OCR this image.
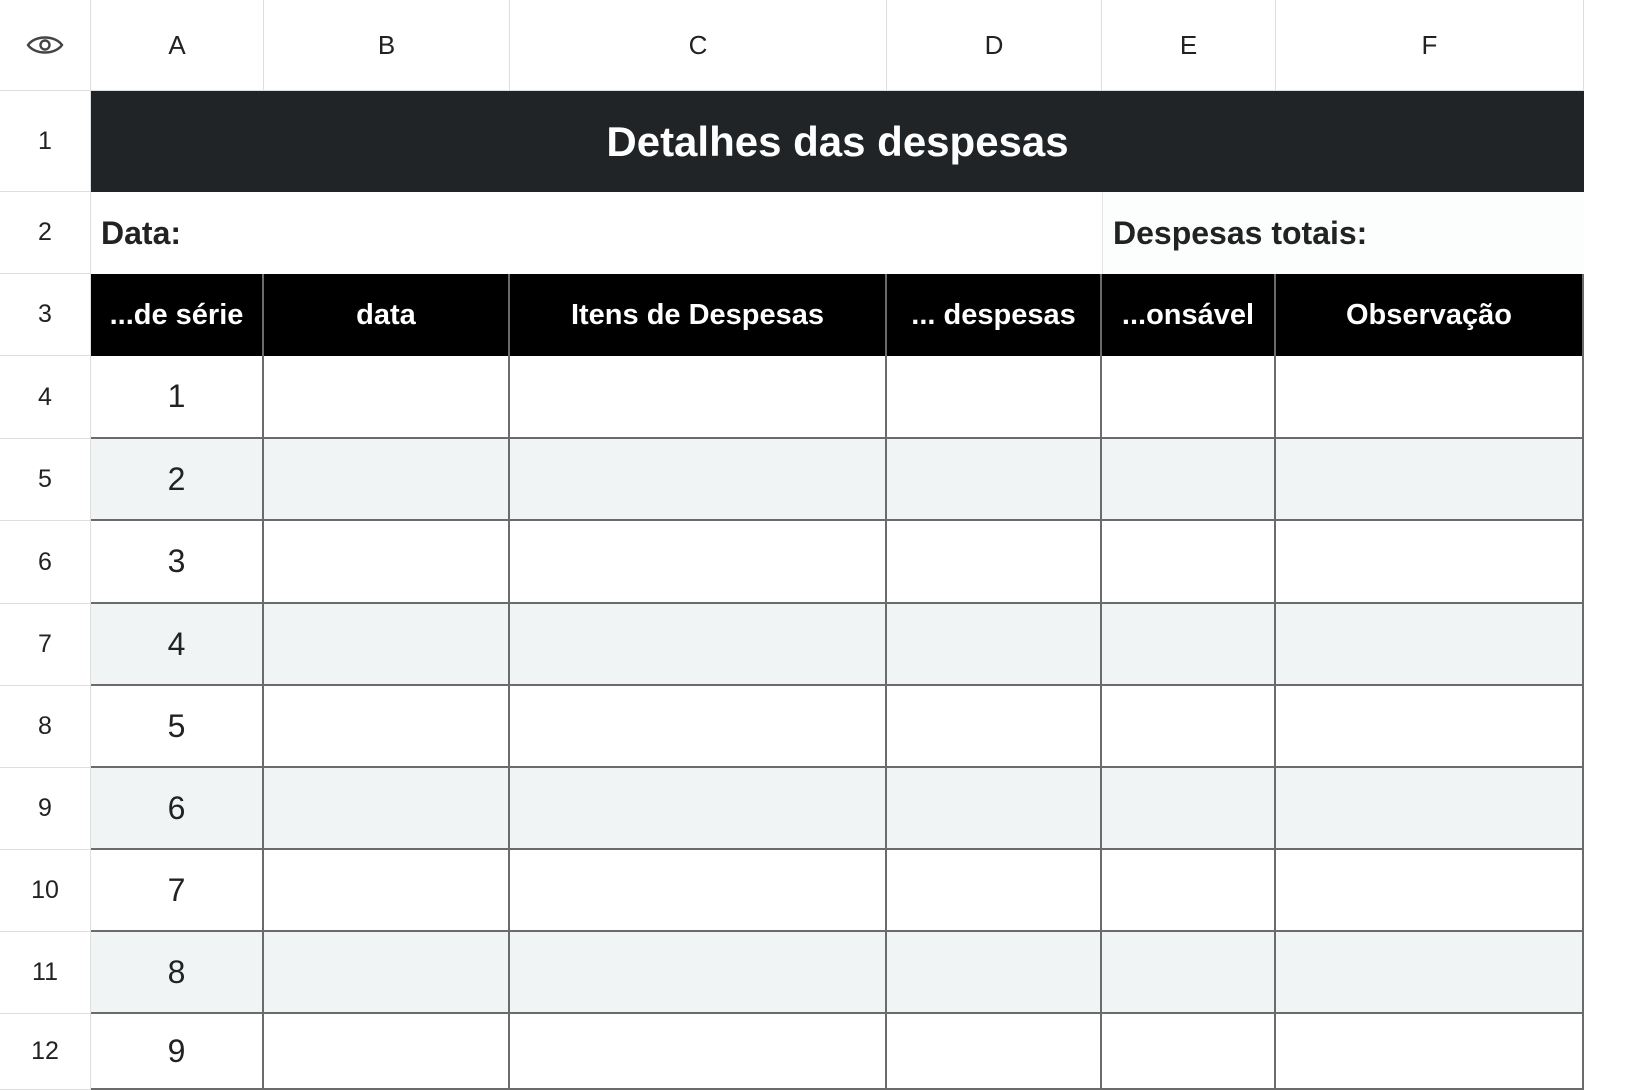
Detalhes das despesas
Data:	Despesas totais:
A	B	C	D	E	F
1
2
3
4
5
6
7
8
9
10
11
12
...de série	data	Itens de Despesas	... despesas	...onsável	Observação
1
2
3
4
5
6
7
8
9
